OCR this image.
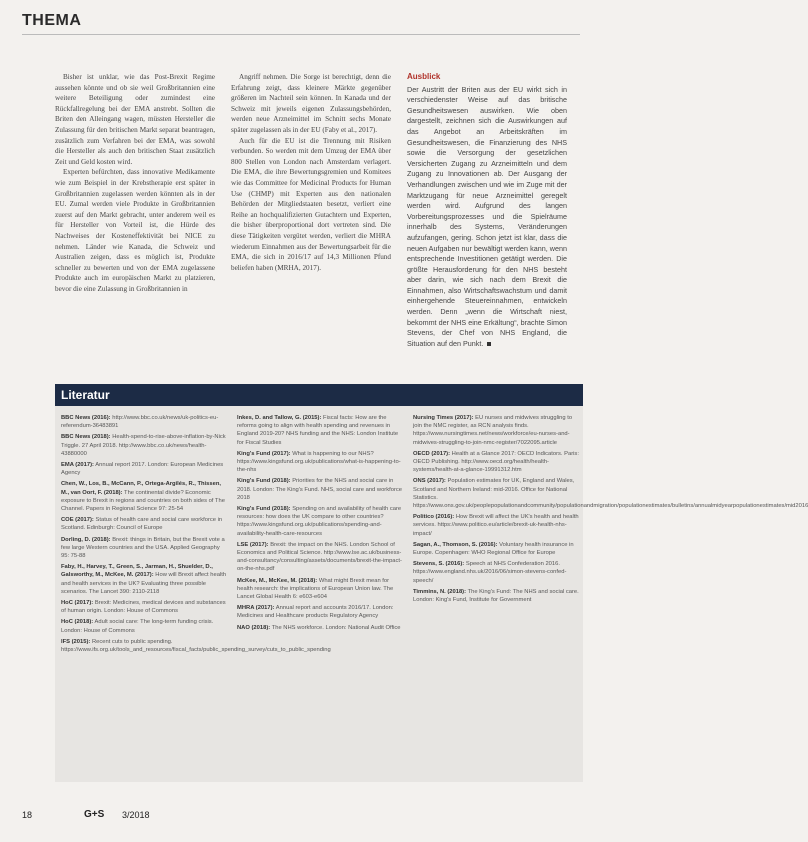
THEMA

Bisher ist unklar, wie das Post-Brexit Regime aussehen könnte und ob sie weil Großbritannien eine weitere Beteiligung oder zumindest eine Rückfallregelung bei der EMA anstrebt. Sollten die Briten den Alleingang wagen, müssten Hersteller die Zulassung für den britischen Markt separat beantragen, zusätzlich zum Verfahren bei der EMA, was sowohl die Hersteller als auch den britischen Staat zusätzlich Zeit und Geld kosten wird.

Experten befürchten, dass innovative Medikamente wie zum Beispiel in der Krebstherapie erst später in Großbritannien zugelassen werden könnten als in der EU. Zumal werden viele Produkte in Großbritannien zuerst auf den Markt gebracht, unter anderem weil es für Hersteller von Vorteil ist, die Hürde des Nachweises der Kosteneffektivität bei NICE zu nehmen. Länder wie Kanada, die Schweiz und Australien zeigen, dass es möglich ist, Produkte schneller zu bewerten und von der EMA zugelassene Produkte auch im europäischen Markt zu platzieren, bevor die eine Zulassung in Großbritannien in

Angriff nehmen. Die Sorge ist berechtigt, denn die Erfahrung zeigt, dass kleinere Märkte gegenüber größeren im Nachteil sein können. In Kanada und der Schweiz mit jeweils eigenen Zulassungsbehörden, werden neue Arzneimittel im Schnitt sechs Monate später zugelassen als in der EU (Faby et al., 2017).

Auch für die EU ist die Trennung mit Risiken verbunden. So werden mit dem Umzug der EMA über 800 Stellen von London nach Amsterdam verlagert. Die EMA, die ihre Bewertungsgremien und Komitees wie das Committee for Medicinal Products for Human Use (CHMP) mit Experten aus den nationalen Behörden der Mitgliedstaaten besetzt, verliert eine Reihe an hochqualifizierten Gutachtern und Experten, die bisher überproportional dort vertreten sind. Die diese Tätigkeiten vergütet werden, verliert die MHRA wiederum Einnahmen aus der Bewertungsarbeit für die EMA, die sich in 2016/17 auf 14,3 Millionen Pfund beliefen haben (MRHA, 2017).

Ausblick

Der Austritt der Briten aus der EU wirkt sich in verschiedenster Weise auf das britische Gesundheitswesen auswirken. Wie oben dargestellt, zeichnen sich die Auswirkungen auf das Angebot an Arbeitskräften im Gesundheitswesen, die Finanzierung des NHS sowie die Versorgung der gesetzlichen Versicherten Zugang zu Arzneimitteln und dem Zugang zu Innovationen ab. Der Ausgang der Verhandlungen zwischen und wie im Zuge mit der Marktzugang für neue Arzneimittel geregelt werden wird. Aufgrund des langen Vorbereitungsprozesses und die Spielräume innerhalb des Systems, Veränderungen aufzufangen, gering. Schon jetzt ist klar, dass die neuen Aufgaben nur bewältigt werden kann, wenn entsprechende Investitionen getätigt werden. Die größte Herausforderung für den NHS besteht aber darin, wie sich nach dem Brexit die Einnahmen, also Wirtschaftswachstum und damit einhergehende Steuereinnahmen, entwickeln werden. Denn „wenn die Wirtschaft niest, bekommt der NHS eine Erkältung“, brachte Simon Stevens, der Chef von NHS England, die Situation auf den Punkt.

Literatur
BBC News (2016): http://www.bbc.co.uk/news/uk-politics-eu-referendum-36483891
BBC News (2018): Health-spend-to-rise-above-inflation-by-Nick Triggle. 27 April 2018. http://www.bbc.co.uk/news/health-43880000
EMA (2017): Annual report 2017. London: European Medicines Agency
Chen, W., Los, B., McCann, P., Ortega-Argilés, R., Thissen, M., van Oort, F. (2018): The continental divide? Economic exposure to Brexit in regions and countries on both sides of The Channel. Papers in Regional Science 97: 25-54
COE (2017): Status of health care and social care workforce in Scotland. Edinburgh: Council of Europe
Dorling, D. (2018): Brexit: things in Britain, but the Brexit vote a few large Western countries and the USA. Applied Geography 95: 75-88
Faby, H., Harvey, T., Green, S., Jarman, H., Shuelder, D., Galsworthy, M., McKee, M. (2017): How will Brexit affect health and health services in the UK? Evaluating three possible scenarios. The Lancet 390: 2110-2118
HoC (2017): Brexit: Medicines, medical devices and substances of human origin. London: House of Commons
HoC (2018): Adult social care: The long-term funding crisis. London: House of Commons
IFS (2015): Recent cuts to public spending. https://www.ifs.org.uk/tools_and_resources/fiscal_facts/public_spending_survey/cuts_to_public_spending
Inkes, D. and Tallow, G. (2015): Fiscal facts: How are the reforms going to align with health spending and revenues in England 2019-20? NHS funding and the NHS: London Institute for Fiscal Studies
King's Fund (2017): What is happening to our NHS? https://www.kingsfund.org.uk/publications/what-is-happening-to-the-nhs
King's Fund (2018): Priorities for the NHS and social care in 2018. London: The King's Fund. NHS, social care and workforce 2018
King's Fund (2018): Spending on and availability of health care resources: how does the UK compare to other countries? https://www.kingsfund.org.uk/publications/spending-and-availability-health-care-resources
LSE (2017): Brexit: the impact on the NHS. London School of Economics and Political Science. http://www.lse.ac.uk/business-and-consultancy/consulting/assets/documents/brexit-the-impact-on-the-nhs.pdf
McKee, M., McKee, M. (2018): What might Brexit mean for health research: the implications of European Union law. The Lancet Global Health 6: e603-e604
MHRA (2017): Annual report and accounts 2016/17. London: Medicines and Healthcare products Regulatory Agency
NAO (2018): The NHS workforce. London: National Audit Office
Nursing Times (2017): EU nurses and midwives struggling to join the NMC register, as RCN analysis finds. https://www.nursingtimes.net/news/workforce/eu-nurses-and-midwives-struggling-to-join-nmc-register/7022095.article
OECD (2017): Health at a Glance 2017: OECD Indicators. Paris: OECD Publishing. http://www.oecd.org/health/health-systems/health-at-a-glance-19991312.htm
ONS (2017): Population estimates for UK, England and Wales, Scotland and Northern Ireland: mid-2016. Office for National Statistics. https://www.ons.gov.uk/peoplepopulationandcommunity/populationandmigration/populationestimates/bulletins/annualmidyearpopulationestimates/mid2016
Politico (2016): How Brexit will affect the UK's health and health services. https://www.politico.eu/article/brexit-uk-health-nhs-impact/
Sagan, A., Thomson, S. (2016): Voluntary health insurance in Europe. Copenhagen: WHO Regional Office for Europe
Stevens, S. (2016): Speech at NHS Confederation 2016. https://www.england.nhs.uk/2016/06/simon-stevens-confed-speech/
Timmins, N. (2018): The King's Fund: The NHS and social care. London: King's Fund, Institute for Government
18	G+S 3/2018
